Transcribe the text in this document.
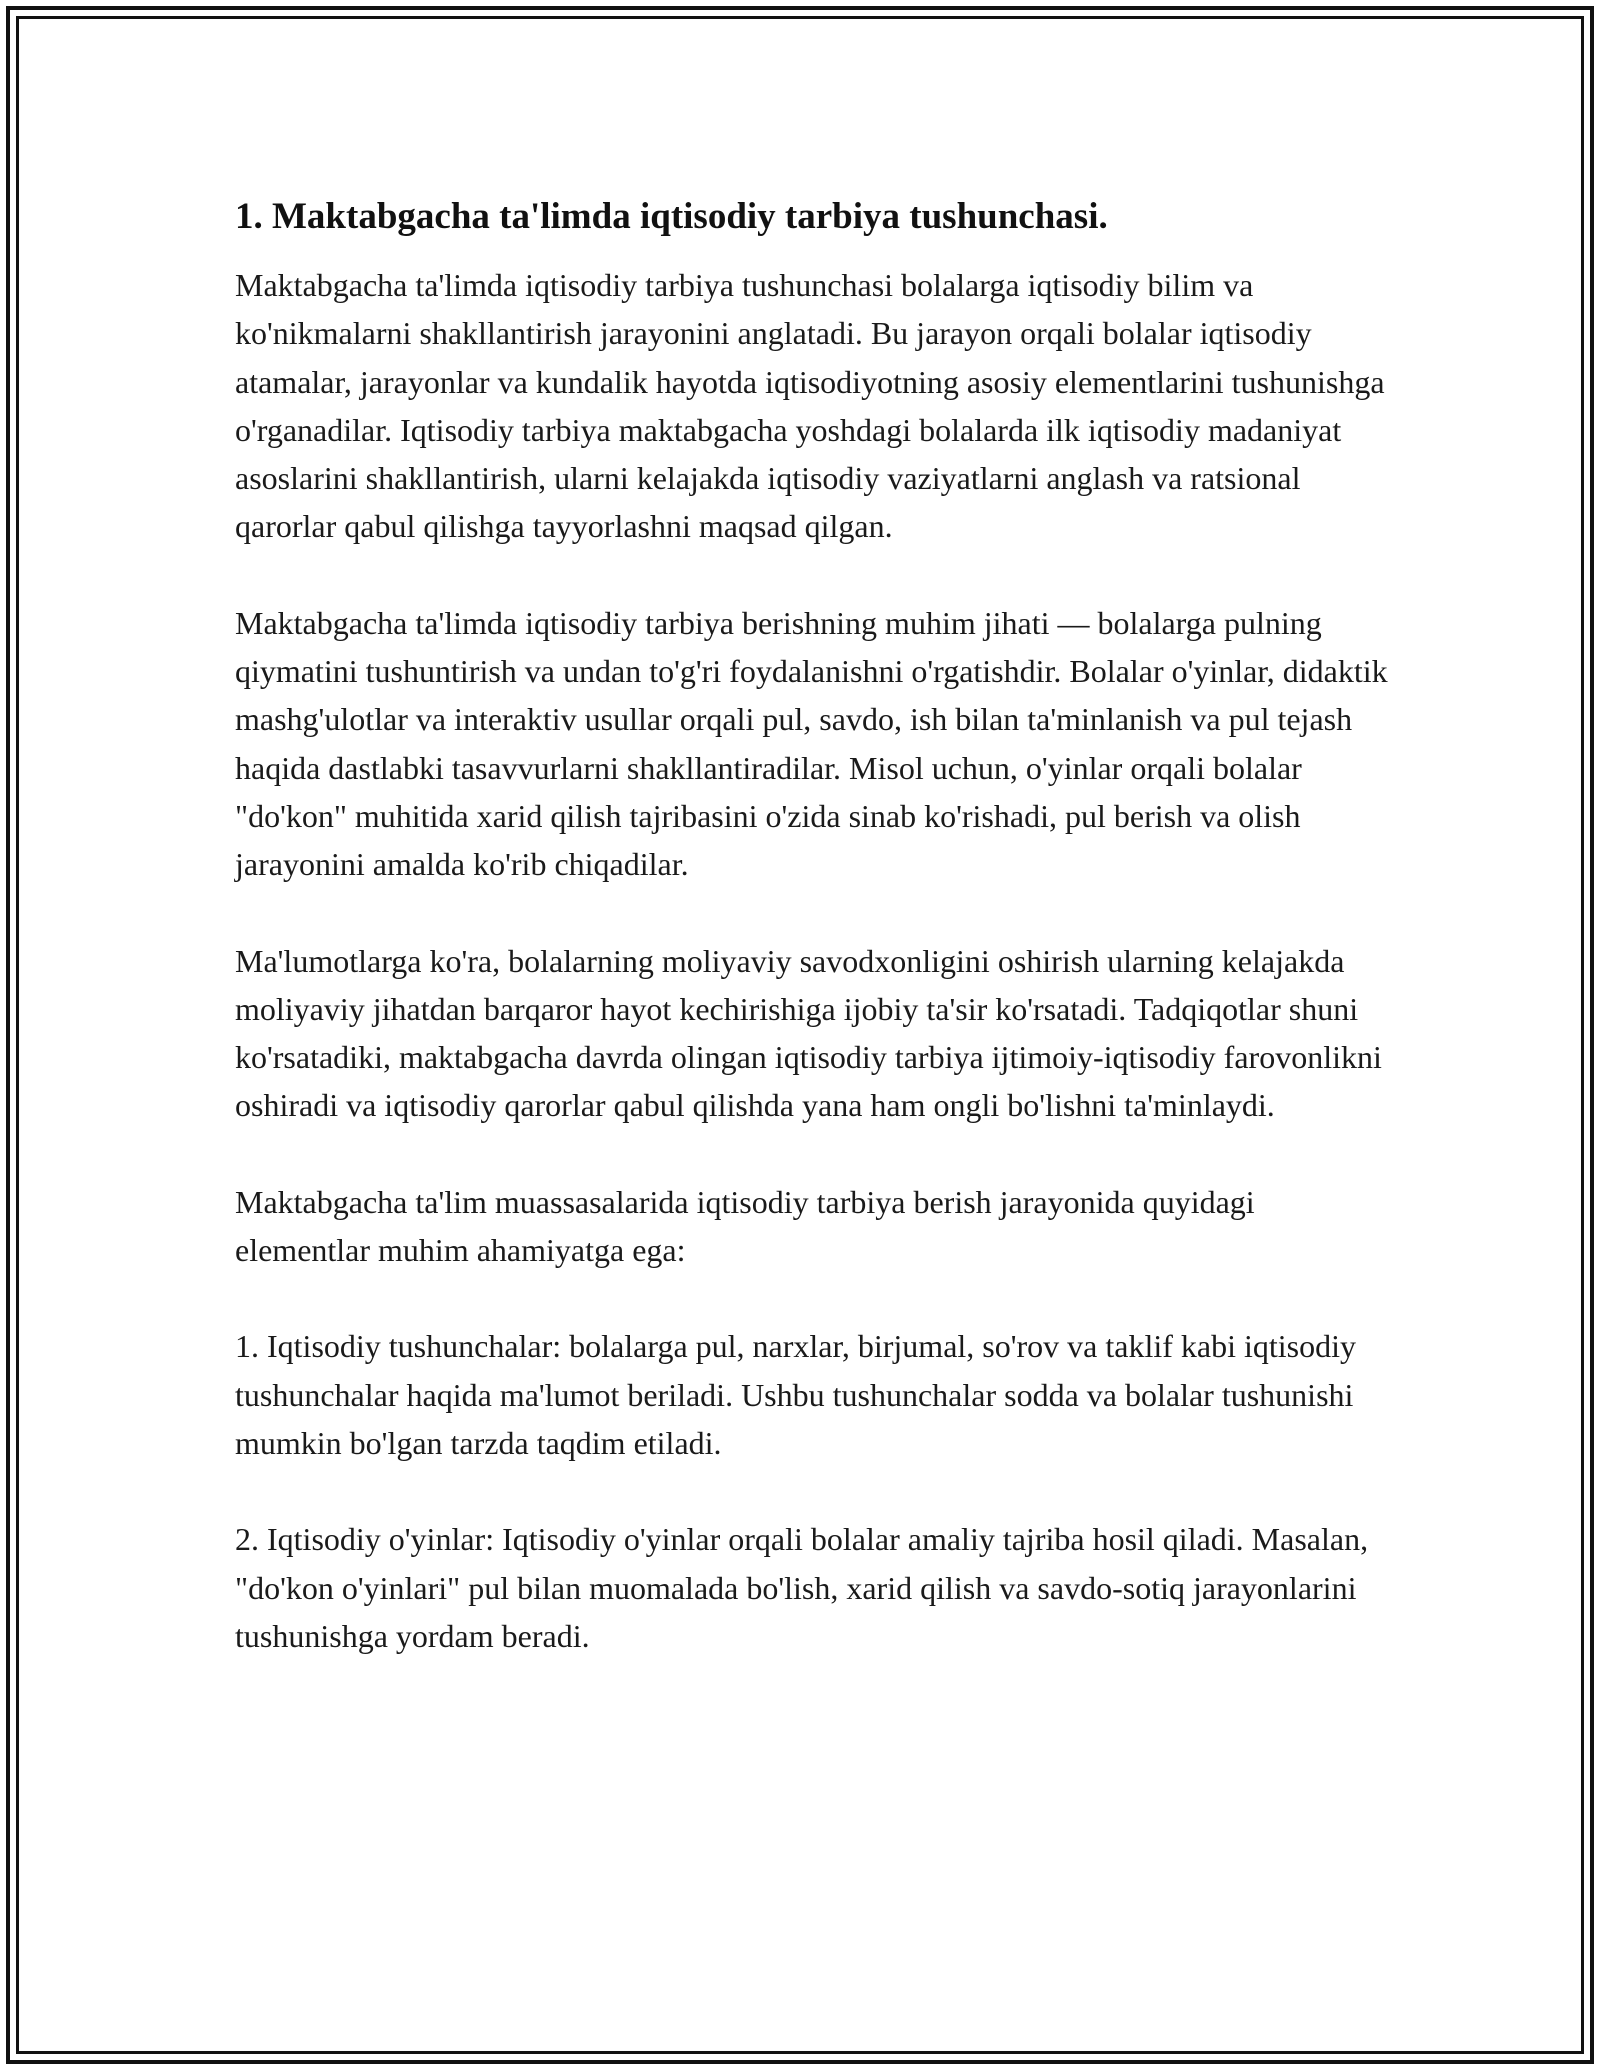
1. Maktabgacha ta'limda iqtisodiy tarbiya tushunchasi.

Maktabgacha ta'limda iqtisodiy tarbiya tushunchasi bolalarga iqtisodiy bilim va ko'nikmalarni shakllantirish jarayonini anglatadi. Bu jarayon orqali bolalar iqtisodiy atamalar, jarayonlar va kundalik hayotda iqtisodiyotning asosiy elementlarini tushunishga o'rganadilar. Iqtisodiy tarbiya maktabgacha yoshdagi bolalarda ilk iqtisodiy madaniyat asoslarini shakllantirish, ularni kelajakda iqtisodiy vaziyatlarni anglash va ratsional qarorlar qabul qilishga tayyorlashni maqsad qilgan.

Maktabgacha ta'limda iqtisodiy tarbiya berishning muhim jihati — bolalarga pulning qiymatini tushuntirish va undan to'g'ri foydalanishni o'rgatishdir. Bolalar o'yinlar, didaktik mashg'ulotlar va interaktiv usullar orqali pul, savdo, ish bilan ta'minlanish va pul tejash haqida dastlabki tasavvurlarni shakllantiradilar. Misol uchun, o'yinlar orqali bolalar "do'kon" muhitida xarid qilish tajribasini o'zida sinab ko'rishadi, pul berish va olish jarayonini amalda ko'rib chiqadilar.

Ma'lumotlarga ko'ra, bolalarning moliyaviy savodxonligini oshirish ularning kelajakda moliyaviy jihatdan barqaror hayot kechirishiga ijobiy ta'sir ko'rsatadi. Tadqiqotlar shuni ko'rsatadiki, maktabgacha davrda olingan iqtisodiy tarbiya ijtimoiy-iqtisodiy farovonlikni oshiradi va iqtisodiy qarorlar qabul qilishda yana ham ongli bo'lishni ta'minlaydi.

Maktabgacha ta'lim muassasalarida iqtisodiy tarbiya berish jarayonida quyidagi elementlar muhim ahamiyatga ega:

1. Iqtisodiy tushunchalar: bolalarga pul, narxlar, birjumal, so'rov va taklif kabi iqtisodiy tushunchalar haqida ma'lumot beriladi. Ushbu tushunchalar sodda va bolalar tushunishi mumkin bo'lgan tarzda taqdim etiladi.

2. Iqtisodiy o'yinlar: Iqtisodiy o'yinlar orqali bolalar amaliy tajriba hosil qiladi. Masalan, "do'kon o'yinlari" pul bilan muomalada bo'lish, xarid qilish va savdo-sotiq jarayonlarini tushunishga yordam beradi.
